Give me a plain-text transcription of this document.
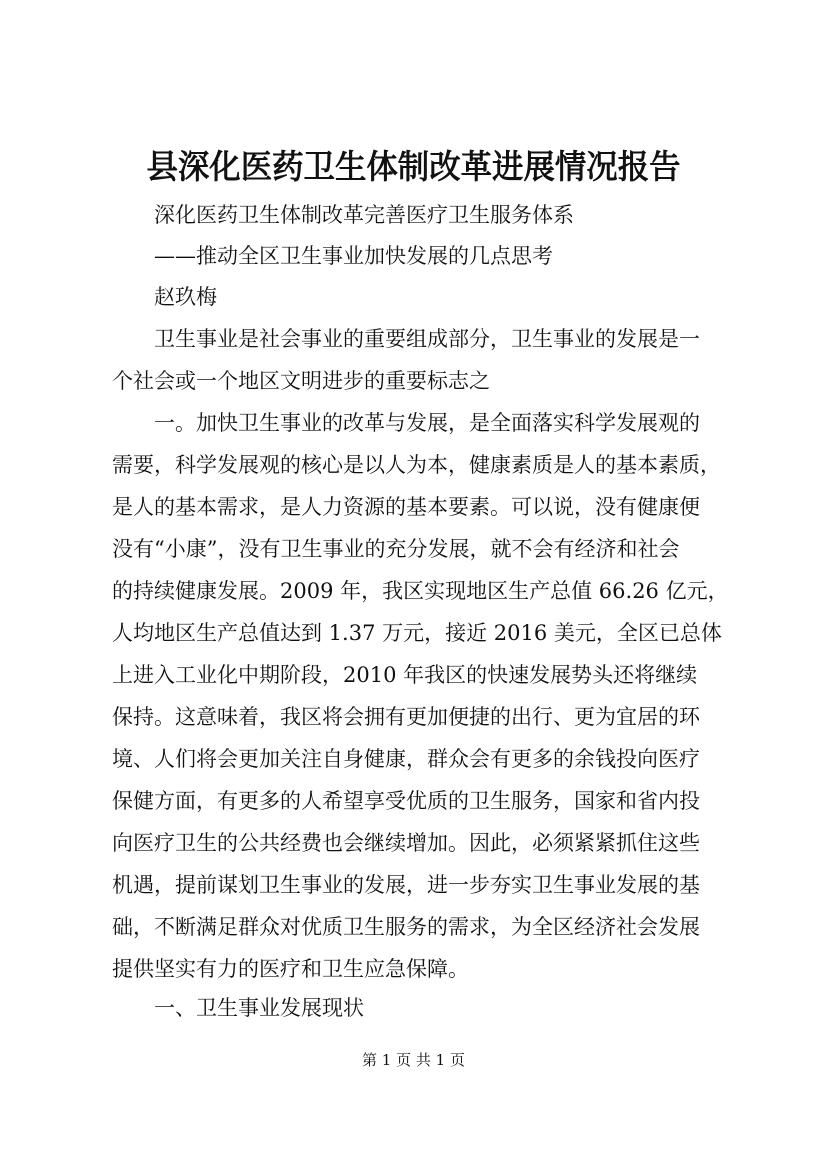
县深化医药卫生体制改革进展情况报告
深化医药卫生体制改革完善医疗卫生服务体系
——推动全区卫生事业加快发展的几点思考
赵玖梅
卫生事业是社会事业的重要组成部分，卫生事业的发展是一
个社会或一个地区文明进步的重要标志之
一。加快卫生事业的改革与发展，是全面落实科学发展观的
需要，科学发展观的核心是以人为本，健康素质是人的基本素质，
是人的基本需求，是人力资源的基本要素。可以说，没有健康便
没有“小康”，没有卫生事业的充分发展，就不会有经济和社会
的持续健康发展。2009 年，我区实现地区生产总值 66.26 亿元，
人均地区生产总值达到 1.37 万元，接近 2016 美元，全区已总体
上进入工业化中期阶段，2010 年我区的快速发展势头还将继续
保持。这意味着，我区将会拥有更加便捷的出行、更为宜居的环
境、人们将会更加关注自身健康，群众会有更多的余钱投向医疗
保健方面，有更多的人希望享受优质的卫生服务，国家和省内投
向医疗卫生的公共经费也会继续增加。因此，必须紧紧抓住这些
机遇，提前谋划卫生事业的发展，进一步夯实卫生事业发展的基
础，不断满足群众对优质卫生服务的需求，为全区经济社会发展
提供坚实有力的医疗和卫生应急保障。
一、卫生事业发展现状
第 1 页 共 1 页
